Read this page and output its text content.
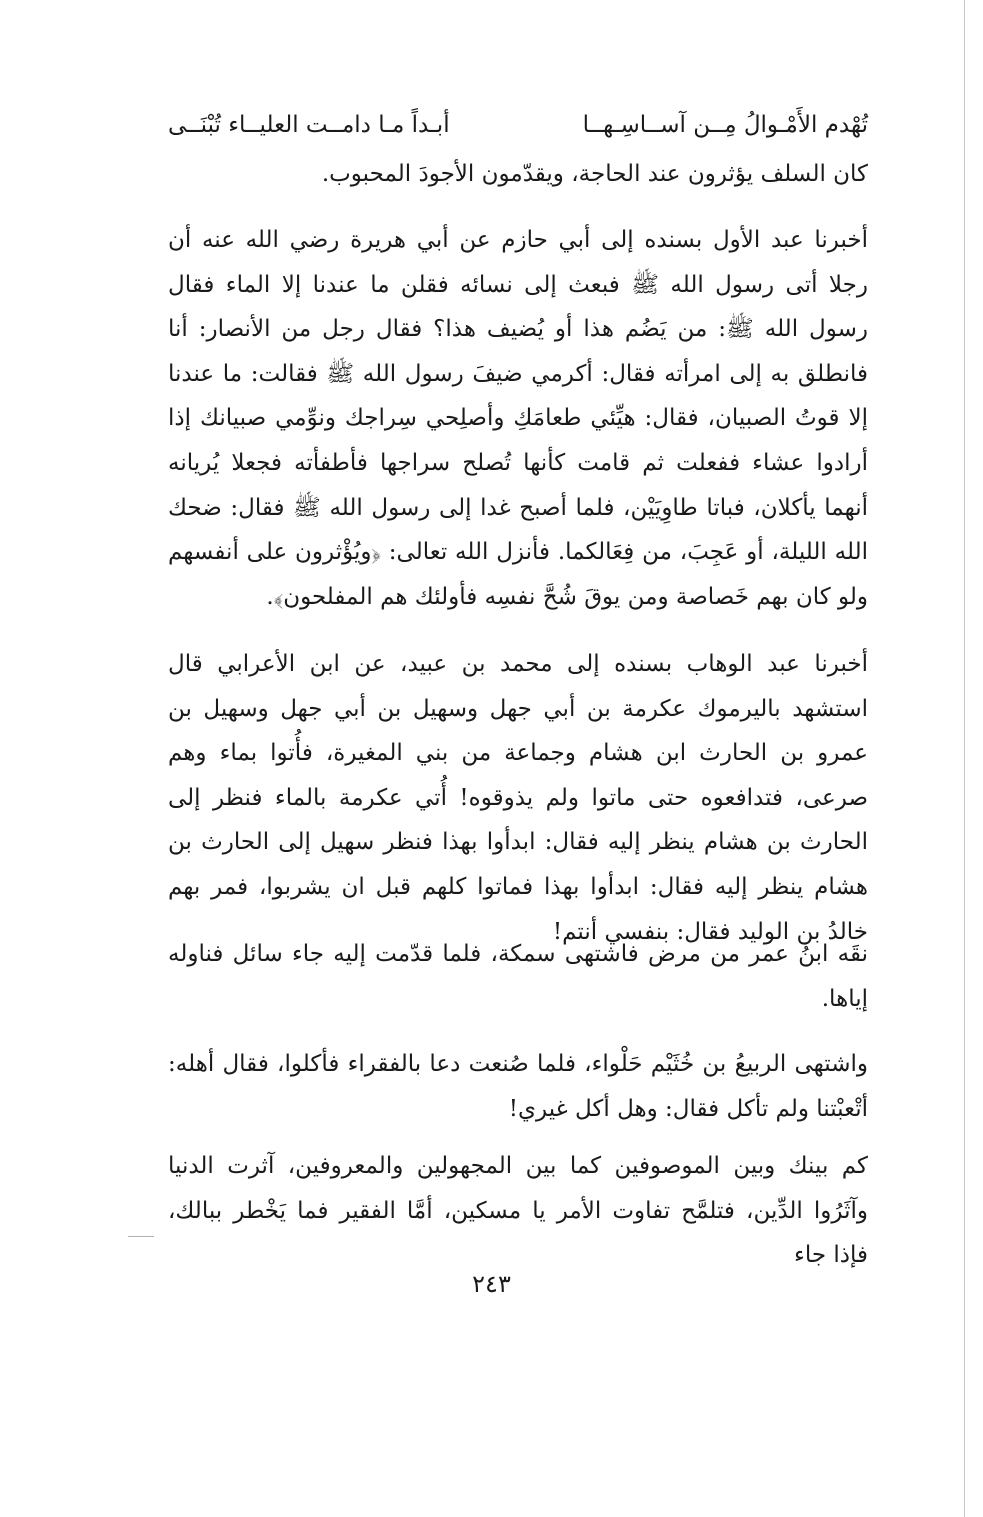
تُهْدم الأَمْـوالُ مِــن آســاسِـهــا
أبـداً مـا دامــت العليــاء تُبْنَــى

كان السلف يؤثرون عند الحاجة، ويقدّمون الأجودَ المحبوب.

أخبرنا عبد الأول بسنده إلى أبي حازم عن أبي هريرة رضي الله عنه أن رجلا أتى رسول الله ﷺ فبعث إلى نسائه فقلن ما عندنا إلا الماء فقال رسول الله ﷺ: من يَضُم هذا أو يُضيف هذا؟ فقال رجل من الأنصار: أنا فانطلق به إلى امرأته فقال: أكرمي ضيفَ رسول الله ﷺ فقالت: ما عندنا إلا قوتُ الصبيان، فقال: هيِّئي طعامَكِ وأصلِحي سِراجك ونوِّمي صبيانك إذا أرادوا عشاء ففعلت ثم قامت كأنها تُصلح سراجها فأطفأته فجعلا يُريانه أنهما يأكلان، فباتا طاوِيَيْن، فلما أصبح غدا إلى رسول الله ﷺ فقال: ضحك الله الليلة، أو عَجِبَ، من فِعَالكما. فأنزل الله تعالى: ﴿ويُؤْثرون على أنفسهم ولو كان بهم خَصاصة ومن يوقَ شُحَّ نفسِه فأولئك هم المفلحون﴾.

أخبرنا عبد الوهاب بسنده إلى محمد بن عبيد، عن ابن الأعرابي قال استشهد باليرموك عكرمة بن أبي جهل وسهيل بن أبي جهل وسهيل بن عمرو بن الحارث ابن هشام وجماعة من بني المغيرة، فأُتوا بماء وهم صرعى، فتدافعوه حتى ماتوا ولم يذوقوه! أُتي عكرمة بالماء فنظر إلى الحارث بن هشام ينظر إليه فقال: ابدأوا بهذا فنظر سهيل إلى الحارث بن هشام ينظر إليه فقال: ابدأوا بهذا فماتوا كلهم قبل ان يشربوا، فمر بهم خالدُ بن الوليد فقال: بنفسي أنتم!

نقَه ابنُ عمر من مرض فاشتهى سمكة، فلما قدّمت إليه جاء سائل فناوله إياها.

واشتهى الربيعُ بن خُثَيْم حَلْواء، فلما صُنعت دعا بالفقراء فأكلوا، فقال أهله: أتْعبْتنا ولم تأكل فقال: وهل أكل غيري!

كم بينك وبين الموصوفين كما بين المجهولين والمعروفين، آثرت الدنيا وآثَرُوا الدِّين، فتلمَّح تفاوت الأمر يا مسكين، أمَّا الفقير فما يَخْطر ببالك، فإذا جاء

٢٤٣
